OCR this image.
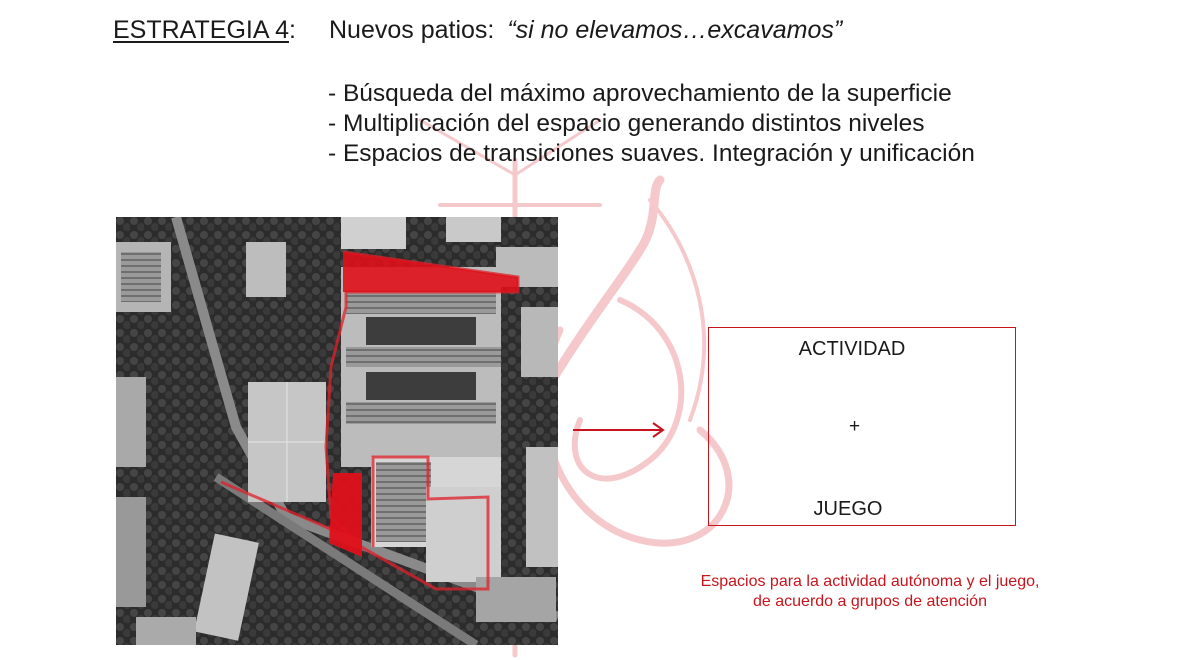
ESTRATEGIA 4: Nuevos patios: “si no elevamos…excavamos”
- Búsqueda del máximo aprovechamiento de la superficie
- Multiplicación del espacio generando distintos niveles
- Espacios de transiciones suaves. Integración y unificación
ACTIVIDAD
+
JUEGO
Espacios para la actividad autónoma y el juego, de acuerdo a grupos de atención
